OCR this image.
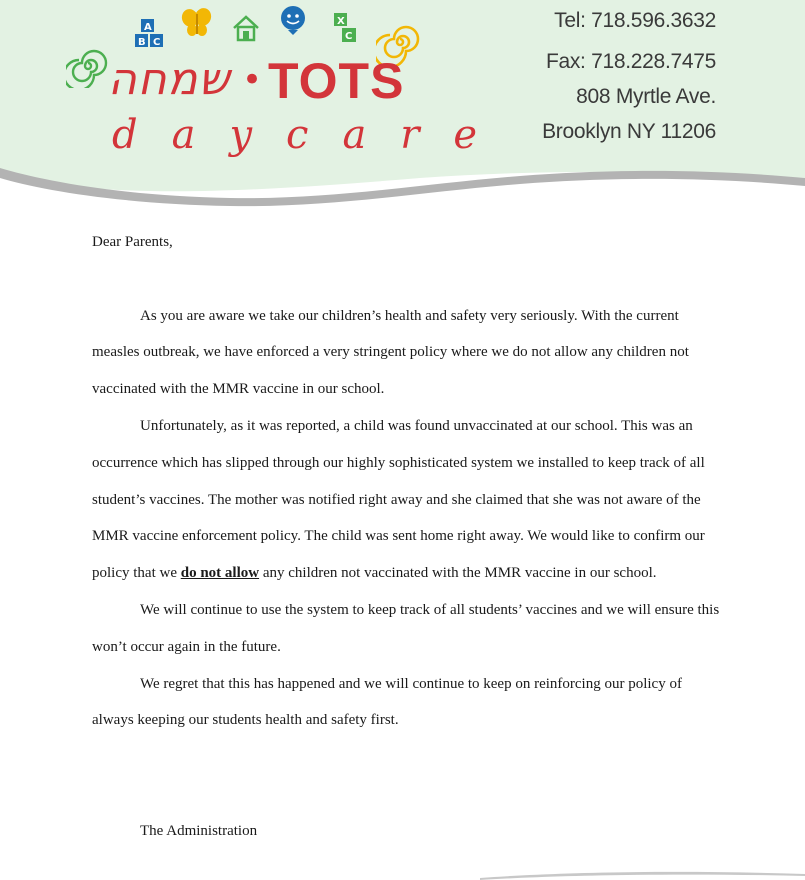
A
B C
X
C
שמחה • TOTS
daycare
Tel: 718.596.3632
Fax: 718.228.7475
808 Myrtle Ave.
Brooklyn NY 11206

Dear Parents,

As you are aware we take our children’s health and safety very seriously. With the current measles outbreak, we have enforced a very stringent policy where we do not allow any children not vaccinated with the MMR vaccine in our school.

Unfortunately, as it was reported, a child was found unvaccinated at our school. This was an occurrence which has slipped through our highly sophisticated system we installed to keep track of all student’s vaccines. The mother was notified right away and she claimed that she was not aware of the MMR vaccine enforcement policy. The child was sent home right away. We would like to confirm our policy that we do not allow any children not vaccinated with the MMR vaccine in our school.

We will continue to use the system to keep track of all students’ vaccines and we will ensure this won’t occur again in the future.

We regret that this has happened and we will continue to keep on reinforcing our policy of always keeping our students health and safety first.

The Administration
